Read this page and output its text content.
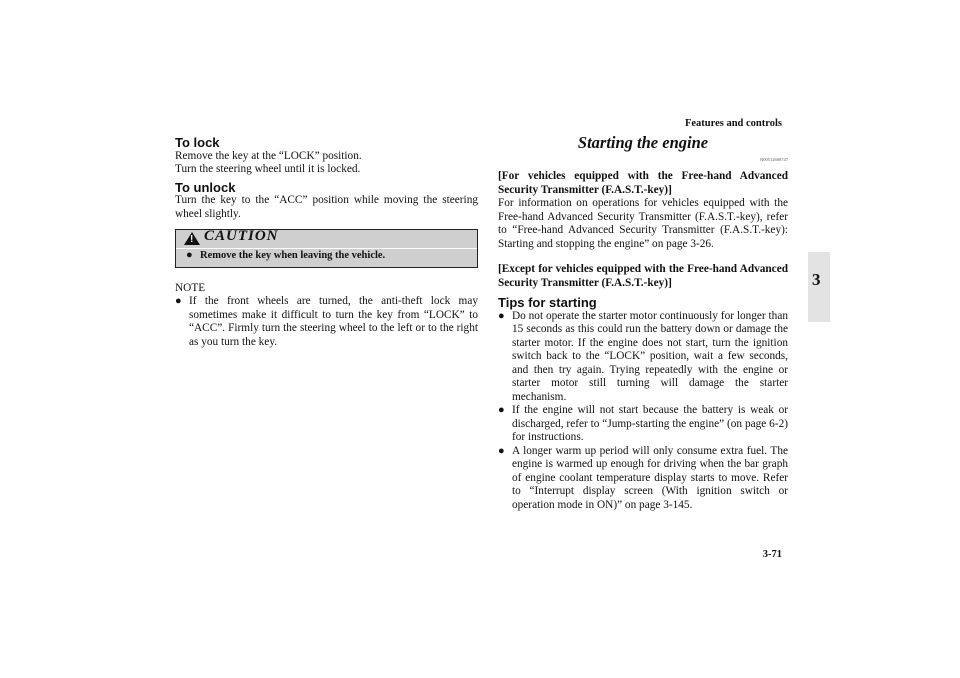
Features and controls
3
To lock

Remove the key at the “LOCK” position.

Turn the steering wheel until it is locked.

To unlock

Turn the key to the “ACC” position while moving the steering wheel slightly.

!
CAUTION
● Remove the key when leaving the vehicle.
NOTE
● If the front wheels are turned, the anti-theft lock may sometimes make it difficult to turn the key from “LOCK” to “ACC”. Firmly turn the steering wheel to the left or to the right as you turn the key.
Starting the engine
N00512600747

[For vehicles equipped with the Free-hand Advanced Security Transmitter (F.A.S.T.-key)]

For information on operations for vehicles equipped with the Free-hand Advanced Security Transmitter (F.A.S.T.-key), refer to “Free-hand Advanced Security Transmitter (F.A.S.T.-key): Starting and stopping the engine” on page 3-26.

[Except for vehicles equipped with the Free-hand Advanced Security Transmitter (F.A.S.T.-key)]

Tips for starting
● Do not operate the starter motor continuously for longer than 15 seconds as this could run the battery down or damage the starter motor. If the engine does not start, turn the ignition switch back to the “LOCK” position, wait a few seconds, and then try again. Trying repeatedly with the engine or starter motor still turning will damage the starter mechanism.
● If the engine will not start because the battery is weak or discharged, refer to “Jump-starting the engine” (on page 6-2) for instructions.
● A longer warm up period will only consume extra fuel. The engine is warmed up enough for driving when the bar graph of engine coolant temperature display starts to move. Refer to “Interrupt display screen (With ignition switch or operation mode in ON)” on page 3-145.
3-71
